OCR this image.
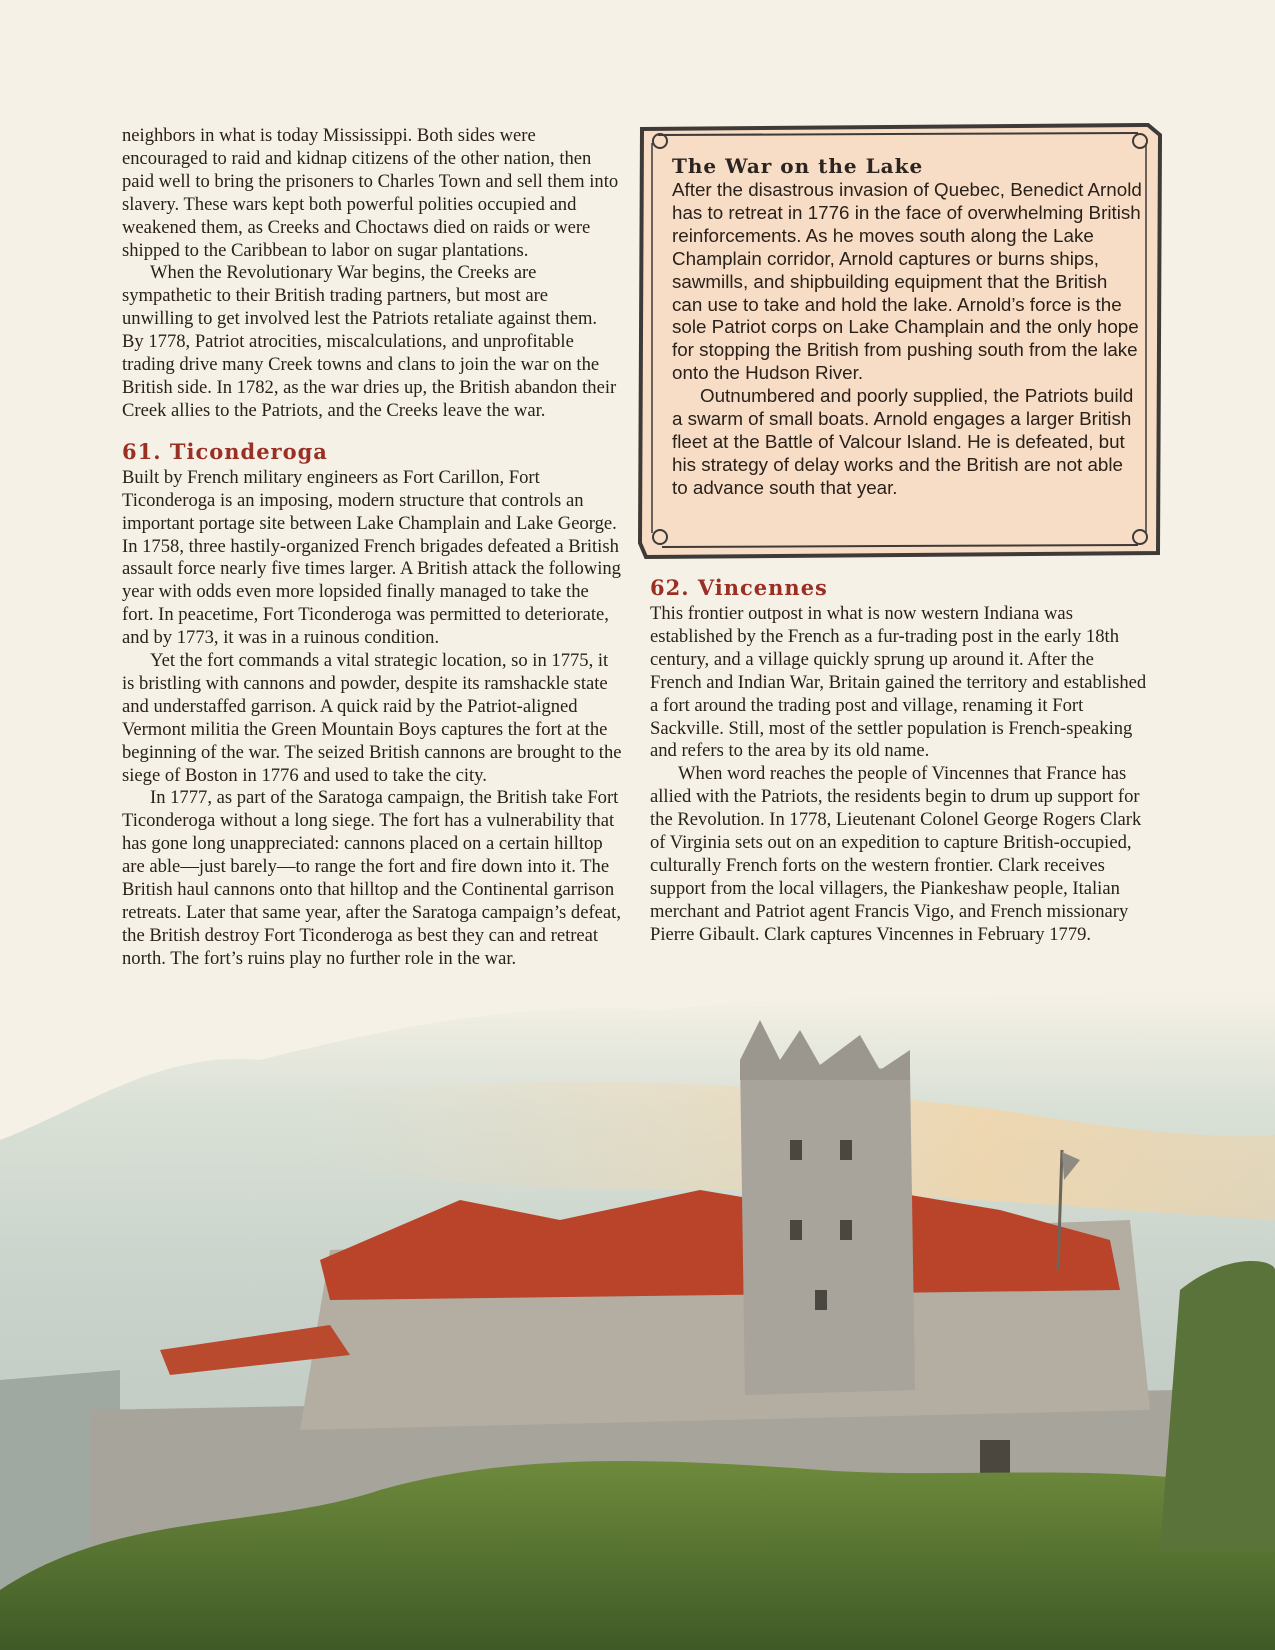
neighbors in what is today Mississippi. Both sides were encouraged to raid and kidnap citizens of the other nation, then paid well to bring the prisoners to Charles Town and sell them into slavery. These wars kept both powerful polities occupied and weakened them, as Creeks and Choctaws died on raids or were shipped to the Caribbean to labor on sugar plantations.

When the Revolutionary War begins, the Creeks are sympathetic to their British trading partners, but most are unwilling to get involved lest the Patriots retaliate against them. By 1778, Patriot atrocities, miscalculations, and unprofitable trading drive many Creek towns and clans to join the war on the British side. In 1782, as the war dries up, the British abandon their Creek allies to the Patriots, and the Creeks leave the war.

61. Ticonderoga

Built by French military engineers as Fort Carillon, Fort Ticonderoga is an imposing, modern structure that controls an important portage site between Lake Champlain and Lake George. In 1758, three hastily-organized French brigades defeated a British assault force nearly five times larger. A British attack the following year with odds even more lopsided finally managed to take the fort. In peacetime, Fort Ticonderoga was permitted to deteriorate, and by 1773, it was in a ruinous condition.

Yet the fort commands a vital strategic location, so in 1775, it is bristling with cannons and powder, despite its ramshackle state and understaffed garrison. A quick raid by the Patriot-aligned Vermont militia the Green Mountain Boys captures the fort at the beginning of the war. The seized British cannons are brought to the siege of Boston in 1776 and used to take the city.

In 1777, as part of the Saratoga campaign, the British take Fort Ticonderoga without a long siege. The fort has a vulnerability that has gone long unappreciated: cannons placed on a certain hilltop are able—just barely—to range the fort and fire down into it. The British haul cannons onto that hilltop and the Continental garrison retreats. Later that same year, after the Saratoga campaign’s defeat, the British destroy Fort Ticonderoga as best they can and retreat north. The fort’s ruins play no further role in the war.

The War on the Lake

After the disastrous invasion of Quebec, Benedict Arnold has to retreat in 1776 in the face of overwhelming British reinforcements. As he moves south along the Lake Champlain corridor, Arnold captures or burns ships, sawmills, and shipbuilding equipment that the British can use to take and hold the lake. Arnold’s force is the sole Patriot corps on Lake Champlain and the only hope for stopping the British from pushing south from the lake onto the Hudson River.

Outnumbered and poorly supplied, the Patriots build a swarm of small boats. Arnold engages a larger British fleet at the Battle of Valcour Island. He is defeated, but his strategy of delay works and the British are not able to advance south that year.

62. Vincennes

This frontier outpost in what is now western Indiana was established by the French as a fur-trading post in the early 18th century, and a village quickly sprung up around it. After the French and Indian War, Britain gained the territory and established a fort around the trading post and village, renaming it Fort Sackville. Still, most of the settler population is French-speaking and refers to the area by its old name.

When word reaches the people of Vincennes that France has allied with the Patriots, the residents begin to drum up support for the Revolution. In 1778, Lieutenant Colonel George Rogers Clark of Virginia sets out on an expedition to capture British-occupied, culturally French forts on the western frontier. Clark receives support from the local villagers, the Piankeshaw people, Italian merchant and Patriot agent Francis Vigo, and French missionary Pierre Gibault. Clark captures Vincennes in February 1779.
